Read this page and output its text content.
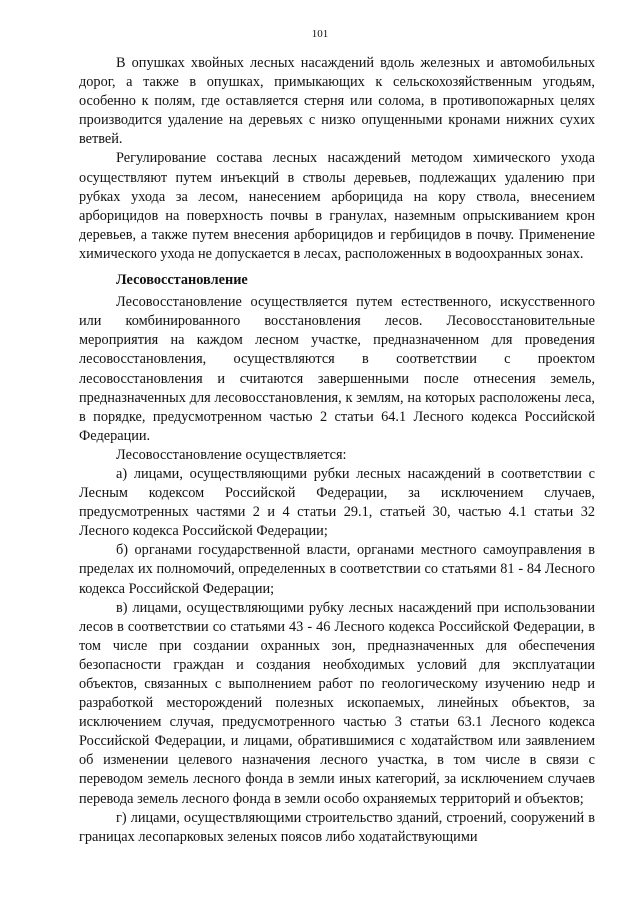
101

В опушках хвойных лесных насаждений вдоль железных и автомобильных дорог, а также в опушках, примыкающих к сельскохозяйственным угодьям, особенно к полям, где оставляется стерня или солома, в противопожарных целях производится удаление на деревьях с низко опущенными кронами нижних сухих ветвей.

Регулирование состава лесных насаждений методом химического ухода осуществляют путем инъекций в стволы деревьев, подлежащих удалению при рубках ухода за лесом, нанесением арборицида на кору ствола, внесением арборицидов на поверхность почвы в гранулах, наземным опрыскиванием крон деревьев, а также путем внесения арборицидов и гербицидов в почву. Применение химического ухода не допускается в лесах, расположенных в водоохранных зонах.

Лесовосстановление

Лесовосстановление осуществляется путем естественного, искусственного или комбинированного восстановления лесов. Лесовосстановительные мероприятия на каждом лесном участке, предназначенном для проведения лесовосстановления, осуществляются в соответствии с проектом лесовосстановления и считаются завершенными после отнесения земель, предназначенных для лесовосстановления, к землям, на которых расположены леса, в порядке, предусмотренном частью 2 статьи 64.1 Лесного кодекса Российской Федерации.

Лесовосстановление осуществляется:

а) лицами, осуществляющими рубки лесных насаждений в соответствии с Лесным кодексом Российской Федерации, за исключением случаев, предусмотренных частями 2 и 4 статьи 29.1, статьей 30, частью 4.1 статьи 32 Лесного кодекса Российской Федерации;

б) органами государственной власти, органами местного самоуправления в пределах их полномочий, определенных в соответствии со статьями 81 - 84 Лесного кодекса Российской Федерации;

в) лицами, осуществляющими рубку лесных насаждений при использовании лесов в соответствии со статьями 43 - 46 Лесного кодекса Российской Федерации, в том числе при создании охранных зон, предназначенных для обеспечения безопасности граждан и создания необходимых условий для эксплуатации объектов, связанных с выполнением работ по геологическому изучению недр и разработкой месторождений полезных ископаемых, линейных объектов, за исключением случая, предусмотренного частью 3 статьи 63.1 Лесного кодекса Российской Федерации, и лицами, обратившимися с ходатайством или заявлением об изменении целевого назначения лесного участка, в том числе в связи с переводом земель лесного фонда в земли иных категорий, за исключением случаев перевода земель лесного фонда в земли особо охраняемых территорий и объектов;

г) лицами, осуществляющими строительство зданий, строений, сооружений в границах лесопарковых зеленых поясов либо ходатайствующими
